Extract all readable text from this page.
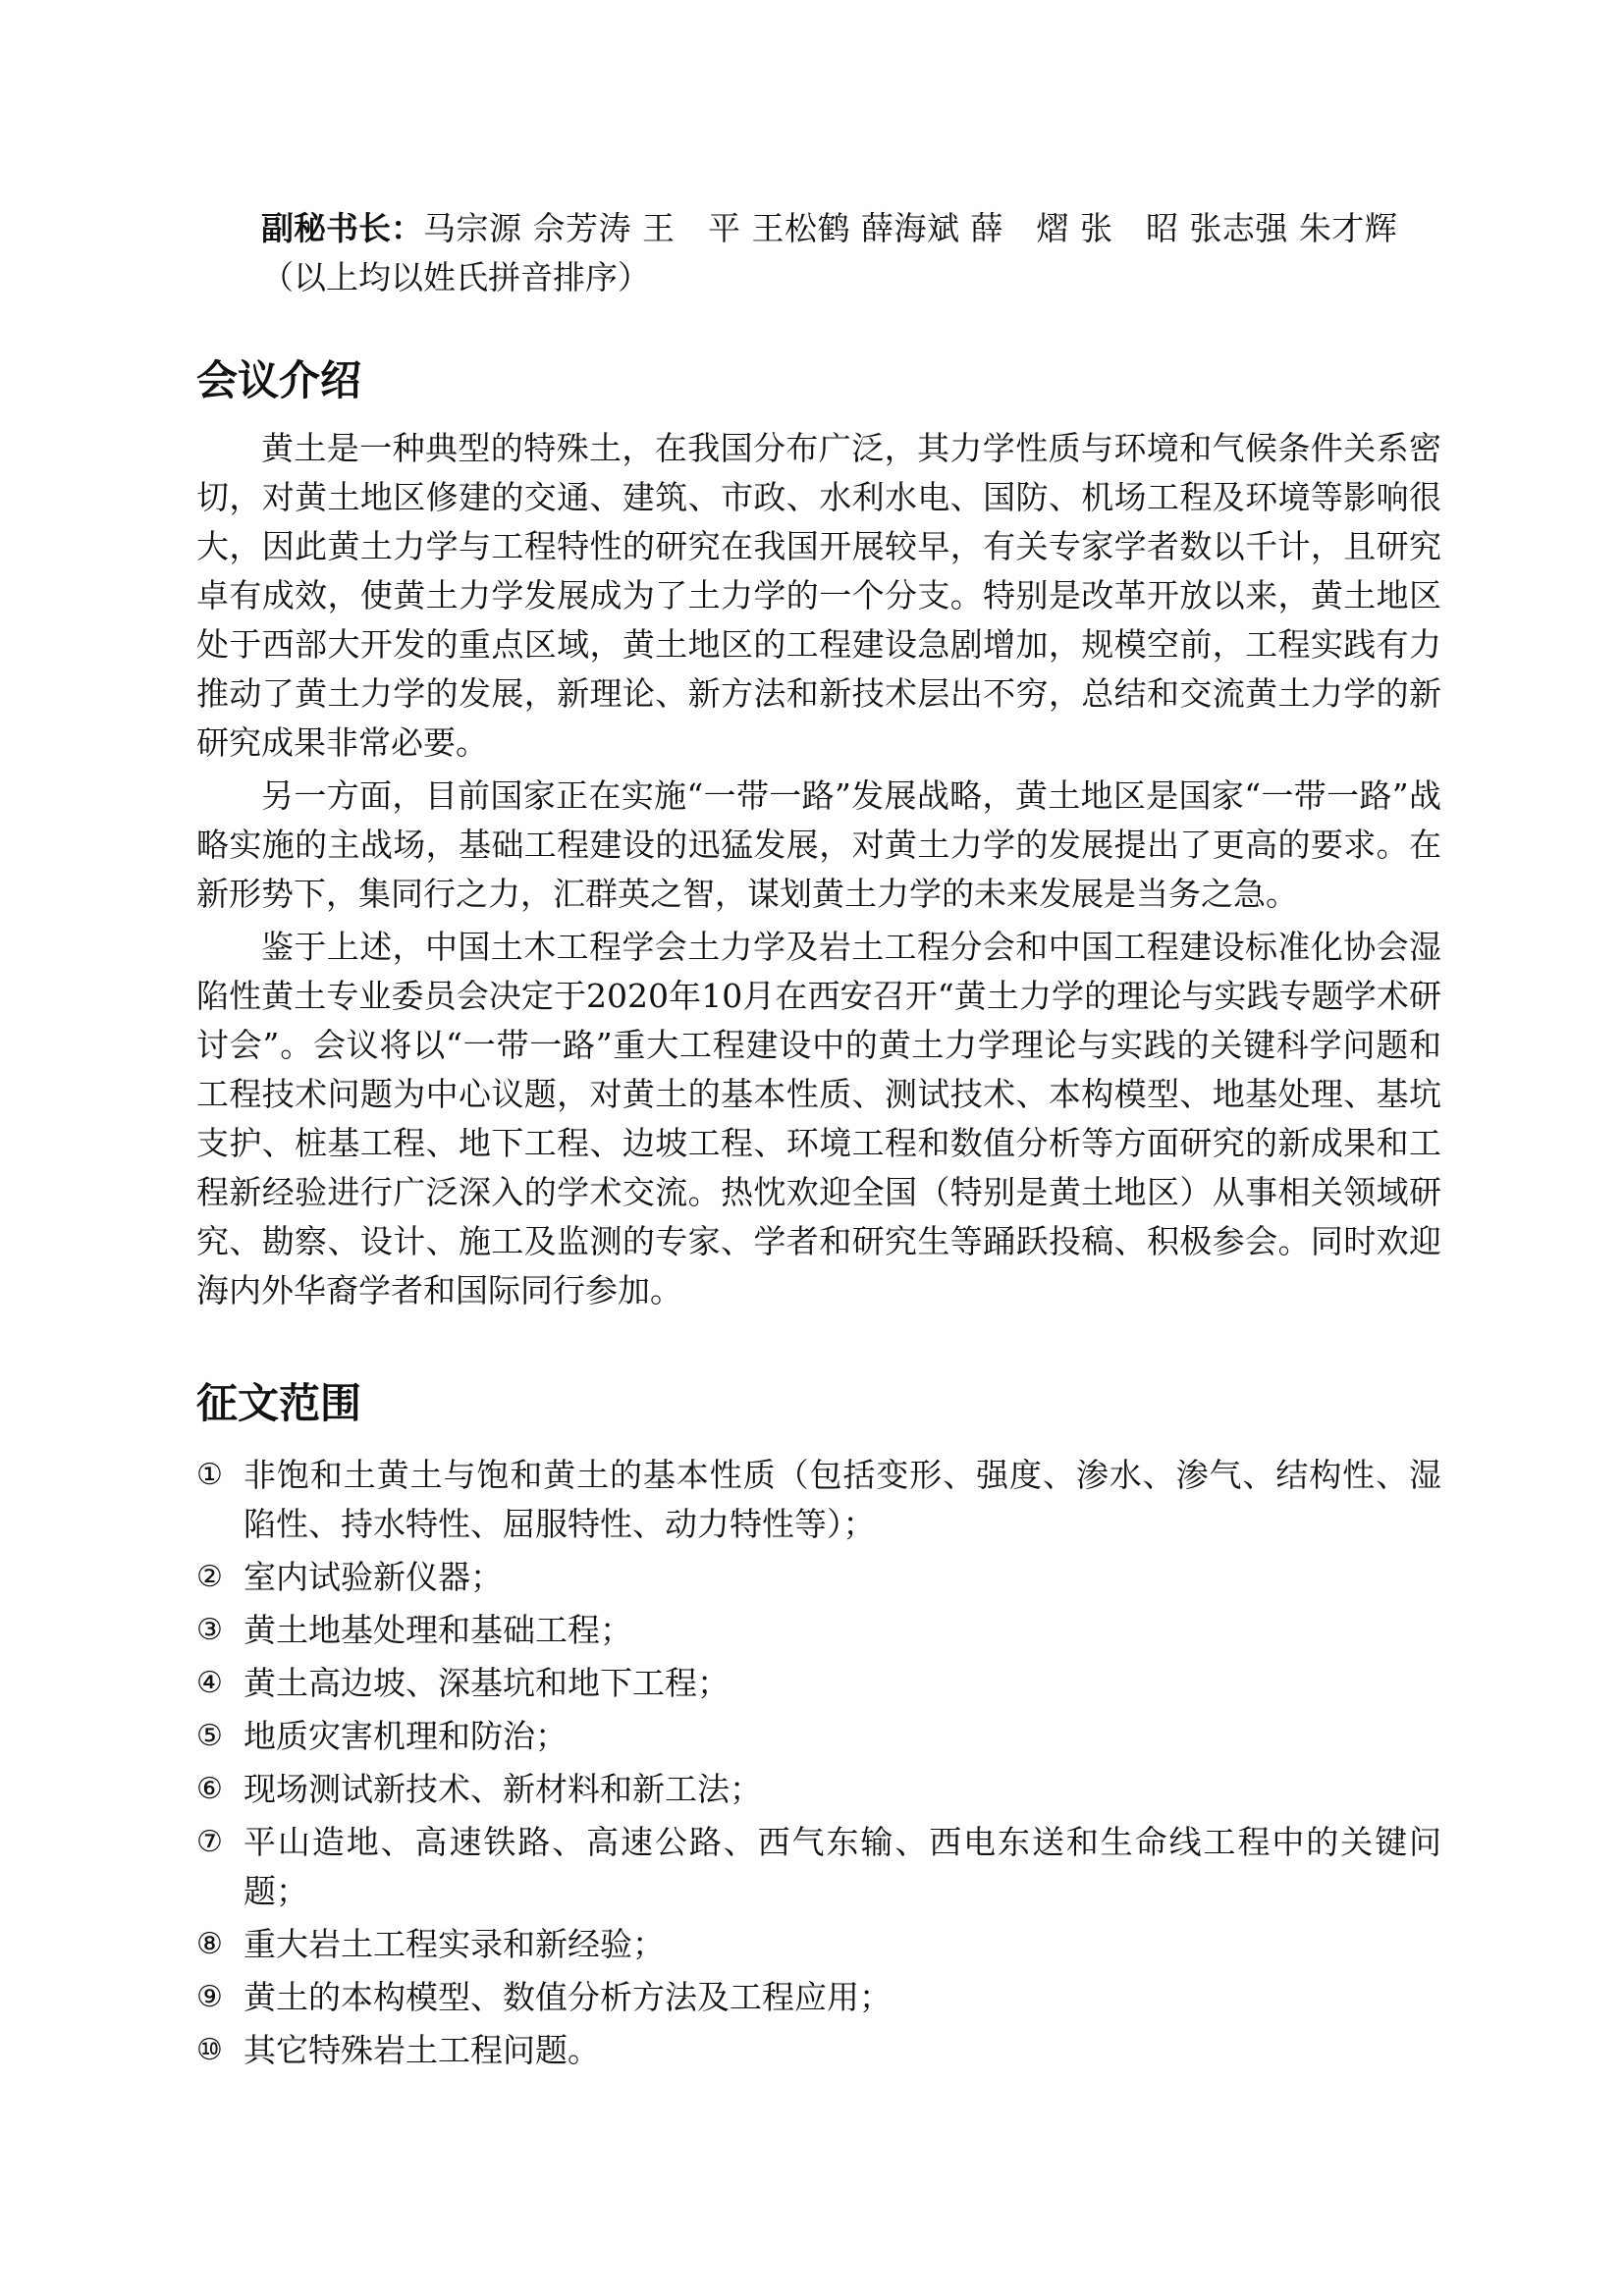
副秘书长：马宗源 佘芳涛 王　平 王松鹤 薛海斌 薛　熠 张　昭 张志强 朱才辉
（以上均以姓氏拼音排序）
会议介绍

黄土是一种典型的特殊土，在我国分布广泛，其力学性质与环境和气候条件关系密切，对黄土地区修建的交通、建筑、市政、水利水电、国防、机场工程及环境等影响很大，因此黄土力学与工程特性的研究在我国开展较早，有关专家学者数以千计，且研究卓有成效，使黄土力学发展成为了土力学的一个分支。特别是改革开放以来，黄土地区处于西部大开发的重点区域，黄土地区的工程建设急剧增加，规模空前，工程实践有力推动了黄土力学的发展，新理论、新方法和新技术层出不穷，总结和交流黄土力学的新研究成果非常必要。

另一方面，目前国家正在实施“一带一路”发展战略，黄土地区是国家“一带一路”战略实施的主战场，基础工程建设的迅猛发展，对黄土力学的发展提出了更高的要求。在新形势下，集同行之力，汇群英之智，谋划黄土力学的未来发展是当务之急。

鉴于上述，中国土木工程学会土力学及岩土工程分会和中国工程建设标准化协会湿陷性黄土专业委员会决定于2020年10月在西安召开“黄土力学的理论与实践专题学术研讨会”。会议将以“一带一路”重大工程建设中的黄土力学理论与实践的关键科学问题和工程技术问题为中心议题，对黄土的基本性质、测试技术、本构模型、地基处理、基坑支护、桩基工程、地下工程、边坡工程、环境工程和数值分析等方面研究的新成果和工程新经验进行广泛深入的学术交流。热忱欢迎全国（特别是黄土地区）从事相关领域研究、勘察、设计、施工及监测的专家、学者和研究生等踊跃投稿、积极参会。同时欢迎海内外华裔学者和国际同行参加。

征文范围
① 非饱和土黄土与饱和黄土的基本性质（包括变形、强度、渗水、渗气、结构性、湿陷性、持水特性、屈服特性、动力特性等）；
② 室内试验新仪器；
③ 黄土地基处理和基础工程；
④ 黄土高边坡、深基坑和地下工程；
⑤ 地质灾害机理和防治；
⑥ 现场测试新技术、新材料和新工法；
⑦ 平山造地、高速铁路、高速公路、西气东输、西电东送和生命线工程中的关键问题；
⑧ 重大岩土工程实录和新经验；
⑨ 黄土的本构模型、数值分析方法及工程应用；
⑩ 其它特殊岩土工程问题。
